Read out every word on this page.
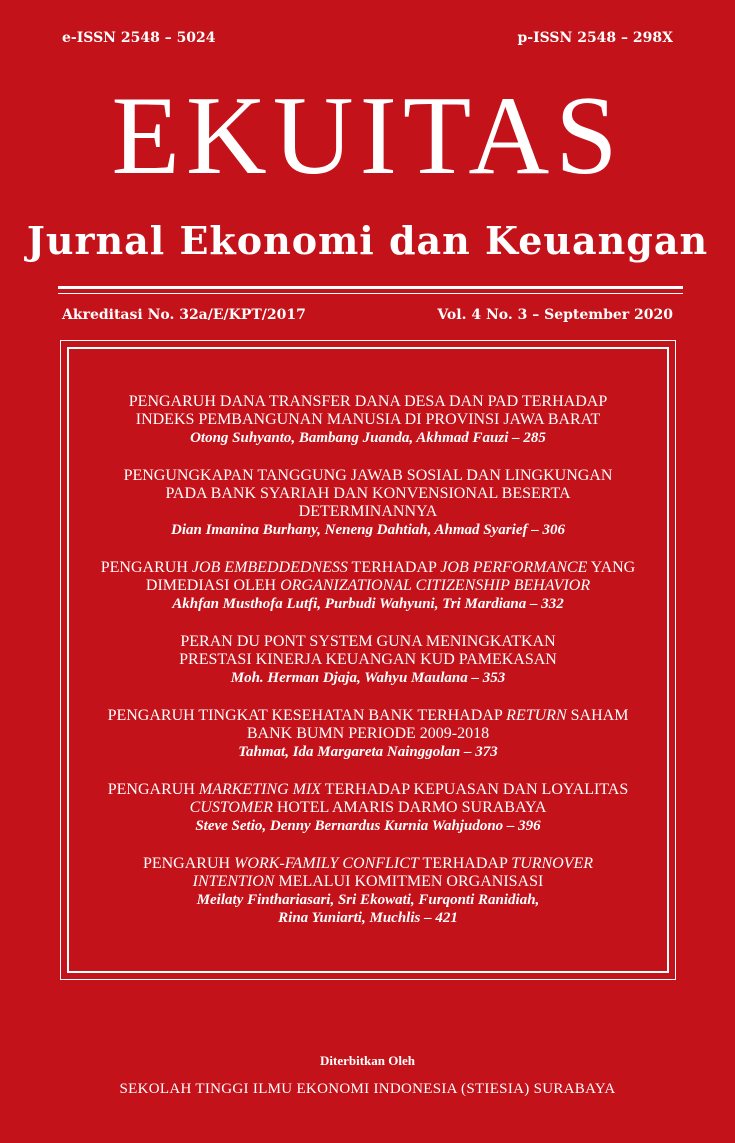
e-ISSN 2548 – 5024	p-ISSN 2548 – 298X
EKUITAS
Jurnal Ekonomi dan Keuangan
Akreditasi No. 32a/E/KPT/2017	Vol. 4 No. 3 – September 2020
PENGARUH DANA TRANSFER DANA DESA DAN PAD TERHADAP
INDEKS PEMBANGUNAN MANUSIA DI PROVINSI JAWA BARAT
Otong Suhyanto, Bambang Juanda, Akhmad Fauzi – 285
PENGUNGKAPAN TANGGUNG JAWAB SOSIAL DAN LINGKUNGAN
PADA BANK SYARIAH DAN KONVENSIONAL BESERTA
DETERMINANNYA
Dian Imanina Burhany, Neneng Dahtiah, Ahmad Syarief – 306
PENGARUH JOB EMBEDDEDNESS TERHADAP JOB PERFORMANCE YANG
DIMEDIASI OLEH ORGANIZATIONAL CITIZENSHIP BEHAVIOR
Akhfan Musthofa Lutfi, Purbudi Wahyuni, Tri Mardiana – 332
PERAN DU PONT SYSTEM GUNA MENINGKATKAN
PRESTASI KINERJA KEUANGAN KUD PAMEKASAN
Moh. Herman Djaja, Wahyu Maulana – 353
PENGARUH TINGKAT KESEHATAN BANK TERHADAP RETURN SAHAM
BANK BUMN PERIODE 2009-2018
Tahmat, Ida Margareta Nainggolan – 373
PENGARUH MARKETING MIX TERHADAP KEPUASAN DAN LOYALITAS
CUSTOMER HOTEL AMARIS DARMO SURABAYA
Steve Setio, Denny Bernardus Kurnia Wahjudono – 396
PENGARUH WORK-FAMILY CONFLICT TERHADAP TURNOVER
INTENTION MELALUI KOMITMEN ORGANISASI
Meilaty Finthariasari, Sri Ekowati, Furqonti Ranidiah,
Rina Yuniarti, Muchlis – 421
Diterbitkan Oleh
SEKOLAH TINGGI ILMU EKONOMI INDONESIA (STIESIA) SURABAYA
